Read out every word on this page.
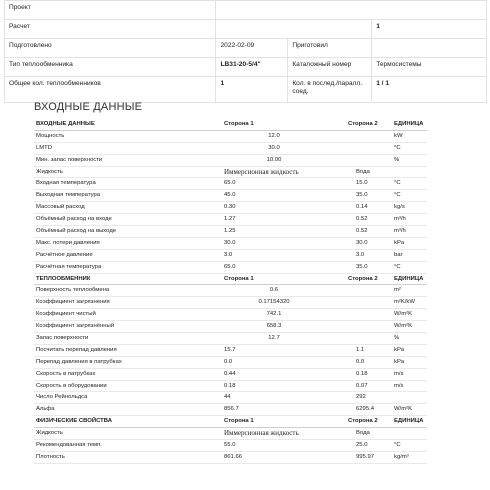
Проект			
Расчет			1
Подготовлено	2022-02-09	Приготовил	
Тип теплообменника	LB31-20-5/4"	Каталожный номер	Термосистемы
Общее кол. теплообменников	1	Кол. в послед./паралл. соед.	1 / 1
ВХОДНЫЕ ДАННЫЕ
ВХОДНЫЕ ДАННЫЕ	Сторона 1	Сторона 2	ЕДИНИЦА
Мощность	12.0	kW
LMTD	30.0	°C
Мин. запас поверхности	10.00	%
Жидкость	Иммерсионная жидкость	Вода
Входная температура	65.0	15.0	°C
Выходная температура	45.0	35.0	°C
Массовый расход	0.30	0.14	kg/s
Объёмный расход на входе	1.27	0.52	m³/h
Объёмный расход на выходе	1.25	0.52	m³/h
Макс. потери давления	30.0	30.0	kPa
Расчётное давление	3.0	3.0	bar
Расчётная температура	65.0	35.0	°C
ТЕПЛООБМЕННИК	Сторона 1	Сторона 2	ЕДИНИЦА
Поверхность теплообмена	0.6	m²
Коэффициент загрязнения	0.17154320	m²K/kW
Коэффициент чистый	742.1	W/m²K
Коэффициент загрязнённый	658.3	W/m²K
Запас поверхности	12.7	%
Посчитать перепад давления	15.7	1.1	kPa
Перепад давления в патрубках	0.0	0.0	kPa
Скорость в патрубках	0.44	0.18	m/s
Скорость в оборудовании	0.18	0.07	m/s
Число Рейнольдса	44	292
Альфа	856.7	6295.4	W/m²K
ФИЗИЧЕСКИЕ СВОЙСТВА	Сторона 1	Сторона 2	ЕДИНИЦА
Жидкость	Иммерсионная жидкость	Вода
Рекомендованная темп.	55.0	25.0	°C
Плотность	861.66	995.97	kg/m³
